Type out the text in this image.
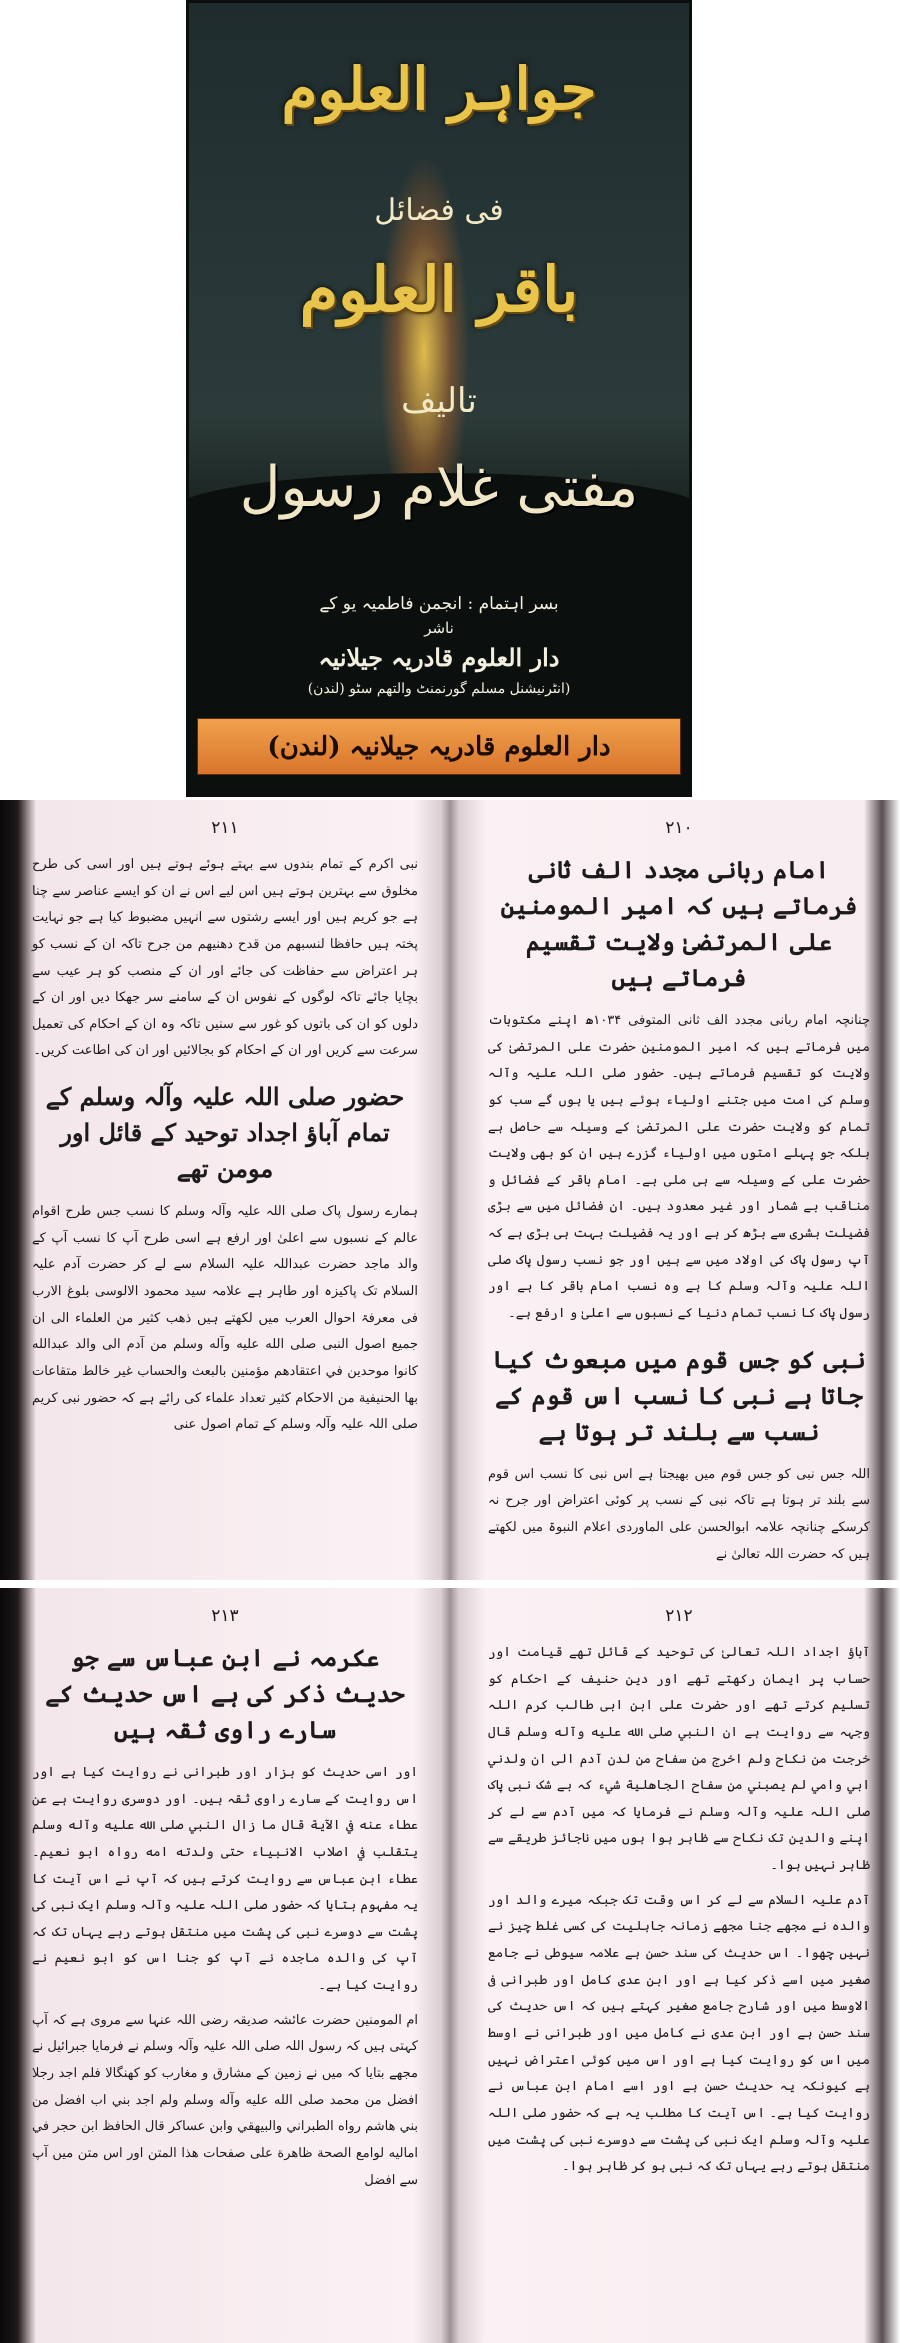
جواہر العلوم
فی فضائل
باقر العلوم
تالیف
مفتی غلام رسول
بسر اہتمام : انجمن فاطمیہ یو کے
ناشر
دار العلوم قادریہ جیلانیہ
(انٹرنیشنل مسلم گورنمنٹ والتھم سٹو (لندن)
دار العلوم قادریہ جیلانیہ (لندن)
۲۱۱

نبی اکرم کے تمام بندوں سے بہتے ہوئے ہوتے ہیں اور اسی کی طرح مخلوق سے بہترین ہوتے ہیں اس لیے اس نے ان کو ایسے عناصر سے چنا ہے جو کریم ہیں اور ایسے رشتوں سے انہیں مضبوط کیا ہے جو نہایت پختہ ہیں حافظا لنسبهم من قدح دهنيهم من جرح تاکہ ان کے نسب کو ہر اعتراض سے حفاظت کی جائے اور ان کے منصب کو ہر عیب سے بچایا جائے تاکہ لوگوں کے نفوس ان کے سامنے سر جھکا دیں اور ان کے دلوں کو ان کی باتوں کو غور سے سنیں تاکہ وہ ان کے احکام کی تعمیل سرعت سے کریں اور ان کے احکام کو بجالائیں اور ان کی اطاعت کریں۔

حضور صلی اللہ علیہ وآلہ وسلم کے تمام آباؤ اجداد توحید کے قائل اور مومن تھے

ہمارے رسول پاک صلی اللہ علیہ وآلہ وسلم کا نسب جس طرح اقوام عالم کے نسبوں سے اعلیٰ اور ارفع ہے اسی طرح آپ کا نسب آپ کے والد ماجد حضرت عبداللہ علیہ السلام سے لے کر حضرت آدم علیہ السلام تک پاکیزہ اور طاہر ہے علامہ سید محمود الالوسی بلوغ الارب فی معرفۃ احوال العرب میں لکھتے ہیں ذهب كثير من العلماء الى ان جميع اصول النبی صلی الله عليه وآله وسلم من آدم الى والد عبدالله كانوا موحدين في اعتقادهم مؤمنين بالبعث والحساب غير خالط متقاعات بها الحنيفية من الاحكام کثیر تعداد علماء کی رائے ہے کہ حضور نبی کریم صلی اللہ علیہ وآلہ وسلم کے تمام اصول عنی

۲۱۰
امام ربانی مجدد الف ثانی فرماتے ہیں کہ امیر المومنین علی المرتضیٰ ولایت تقسیم فرماتے ہیں

چنانچہ امام ربانی مجدد الف ثانی المتوفی ۱۰۳۴ھ اپنے مکتوبات میں فرماتے ہیں کہ امیر المومنین حضرت علی المرتضیٰ کی ولایت کو تقسیم فرماتے ہیں۔ حضور صلی اللہ علیہ وآلہ وسلم کی امت میں جتنے اولیاء ہوئے ہیں یا ہوں گے سب کو تمام کو ولایت حضرت علی المرتضیٰ کے وسیلہ سے حاصل ہے بلکہ جو پہلے امتوں میں اولیاء گزرے ہیں ان کو بھی ولایت حضرت علی کے وسیلہ سے ہی ملی ہے۔ امام باقر کے فضائل و مناقب بے شمار اور غیر معدود ہیں۔ ان فضائل میں سے بڑی فضیلت بشری سے بڑھ کر ہے اور یہ فضیلت بہت ہی بڑی ہے کہ آپ رسول پاک کی اولاد میں سے ہیں اور جو نسب رسول پاک صلی اللہ علیہ وآلہ وسلم کا ہے وہ نسب امام باقر کا ہے اور رسول پاک کا نسب تمام دنیا کے نسبوں سے اعلیٰ و ارفع ہے۔

نبی کو جس قوم میں مبعوث کیا جاتا ہے نبی کا نسب اس قوم کے نسب سے بلند تر ہوتا ہے

اللہ جس نبی کو جس قوم میں بھیجتا ہے اس نبی کا نسب اس قوم سے بلند تر ہوتا ہے تاکہ نبی کے نسب پر کوئی اعتراض اور جرح نہ کرسکے چنانچہ علامہ ابوالحسن علی الماوردی اعلام النبوۃ میں لکھتے ہیں کہ حضرت اللہ تعالیٰ نے

۲۱۳
عکرمہ نے ابن عباس سے جو حدیث ذکر کی ہے اس حدیث کے سارے راوی ثقہ ہیں

اور اسی حدیث کو بزار اور طبرانی نے روایت کیا ہے اور اس روایت کے سارے راوی ثقہ ہیں۔ اور دوسری روایت ہے عن عطاء عنه في الآية قال ما زال النبي صلى الله عليه وآله وسلم يتقلب في اصلاب الانبياء حتى ولدته امه رواه ابو نعيم۔ عطاء ابن عباس سے روایت کرتے ہیں کہ آپ نے اس آیت کا یہ مفہوم بتایا کہ حضور صلی اللہ علیہ وآلہ وسلم ایک نبی کی پشت سے دوسرے نبی کی پشت میں منتقل ہوتے رہے یہاں تک کہ آپ کی والدہ ماجدہ نے آپ کو جنا اس کو ابو نعیم نے روایت کیا ہے۔

ام المومنین حضرت عائشہ صدیقہ رضی اللہ عنہا سے مروی ہے کہ آپ کہتی ہیں کہ رسول اللہ صلی اللہ علیہ وآلہ وسلم نے فرمایا جبرائیل نے مجھے بتایا کہ میں نے زمین کے مشارق و مغارب کو کھنگالا فلم اجد رجلا افضل من محمد صلى الله عليه وآله وسلم ولم اجد بني اب افضل من بني هاشم رواه الطبراني والبيهقي وابن عساكر قال الحافظ ابن حجر في اماليه لوامع الصحة ظاهرة على صفحات هذا المتن اور اس متن میں آپ سے افضل

۲۱۲

آباؤ اجداد اللہ تعالیٰ کی توحید کے قائل تھے قیامت اور حساب پر ایمان رکھتے تھے اور دین حنیف کے احکام کو تسلیم کرتے تھے اور حضرت علی ابن ابی طالب کرم اللہ وجہہ سے روایت ہے ان النبي صلى الله عليه وآله وسلم قال خرجت من نكاح ولم اخرج من سفاح من لدن آدم الى ان ولدني ابي وامي لم يصبني من سفاح الجاهلية شيء کہ بے شک نبی پاک صلی اللہ علیہ وآلہ وسلم نے فرمایا کہ میں آدم سے لے کر اپنے والدین تک نکاح سے ظاہر ہوا ہوں میں ناجائز طریقے سے ظاہر نہیں ہوا۔

آدم علیہ السلام سے لے کر اس وقت تک جبکہ میرے والد اور والدہ نے مجھے جنا مجھے زمانہ جاہلیت کی کسی غلط چیز نے نہیں چھوا۔ اس حدیث کی سند حسن ہے علامہ سیوطی نے جامع صغیر میں اسے ذکر کیا ہے اور ابن عدی کامل اور طبرانی فی الاوسط میں اور شارح جامع صغیر کہتے ہیں کہ اس حدیث کی سند حسن ہے اور ابن عدی نے کامل میں اور طبرانی نے اوسط میں اس کو روایت کیا ہے اور اس میں کوئی اعتراض نہیں ہے کیونکہ یہ حدیث حسن ہے اور اسے امام ابن عباس نے روایت کیا ہے۔ اس آیت کا مطلب یہ ہے کہ حضور صلی اللہ علیہ وآلہ وسلم ایک نبی کی پشت سے دوسرے نبی کی پشت میں منتقل ہوتے رہے یہاں تک کہ نبی ہو کر ظاہر ہوا۔
